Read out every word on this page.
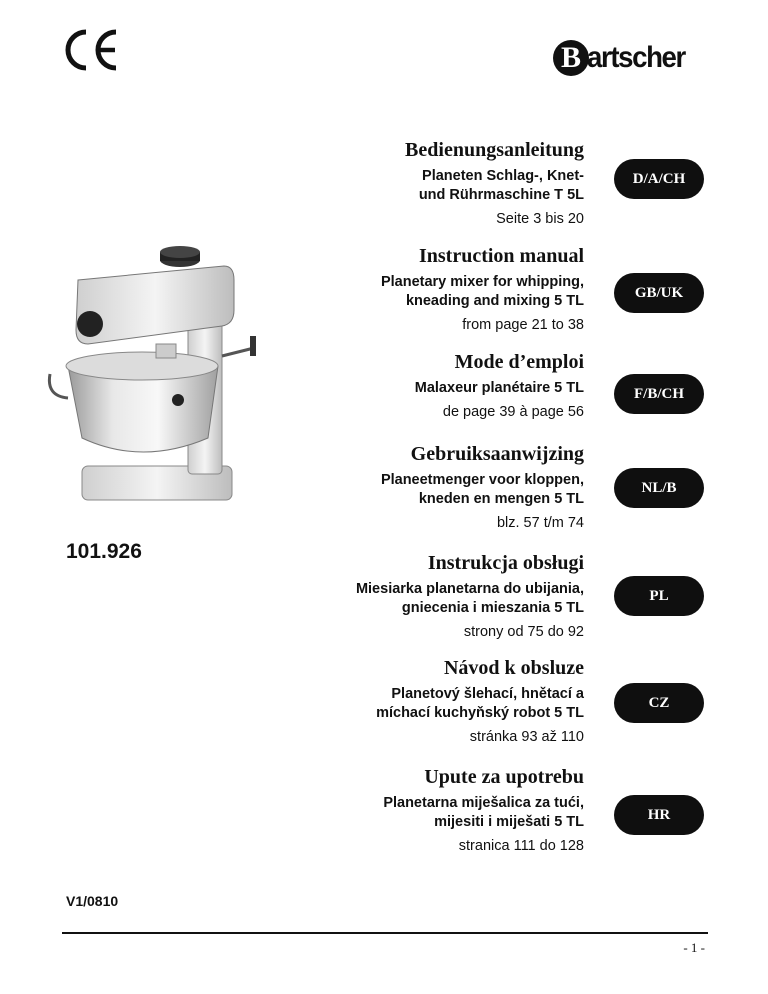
B artscher
101.926
Bedienungsanleitung
Planeten Schlag-, Knet-
und Rührmaschine T 5L
Seite 3 bis 20
D/A/CH
Instruction manual
Planetary mixer for whipping,
kneading and mixing 5 TL
from page 21 to 38
GB/UK
Mode d’emploi
Malaxeur planétaire 5 TL
de page 39 à page 56
F/B/CH
Gebruiksaanwijzing
Planeetmenger voor kloppen,
kneden en mengen 5 TL
blz. 57 t/m 74
NL/B
Instrukcja obsługi
Miesiarka planetarna do ubijania,
gniecenia i mieszania 5 TL
strony od 75 do 92
PL
Návod k obsluze
Planetový šlehací, hnětací a
míchací kuchyňský robot 5 TL
stránka 93 až 110
CZ
Upute za upotrebu
Planetarna miješalica za tući,
mijesiti i miješati 5 TL
stranica 111 do 128
HR
V1/0810
- 1 -
